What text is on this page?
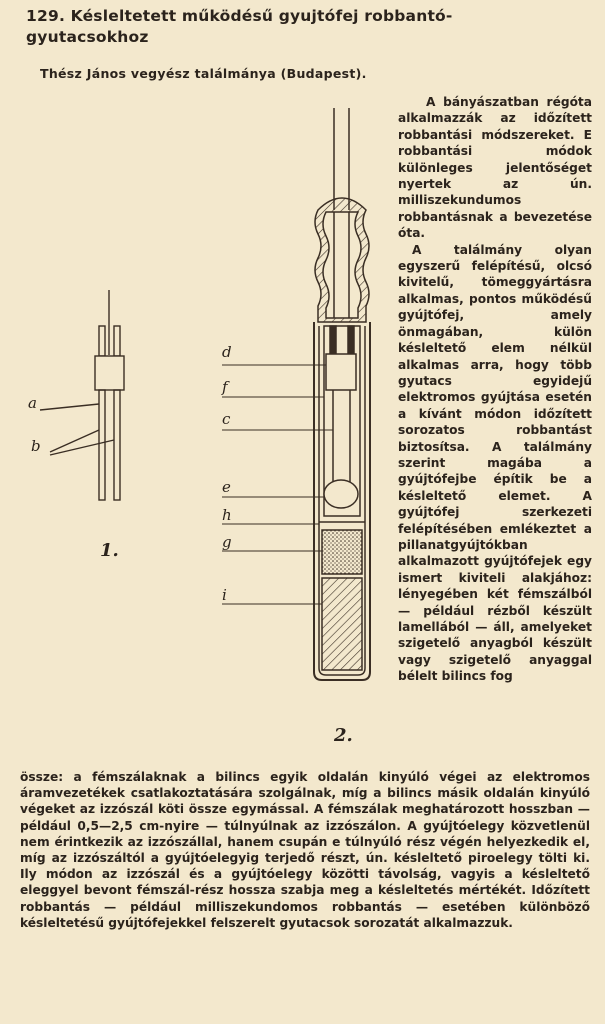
129. Késleltetett működésű gyujtófej robbantó-gyutacsokhoz
Thész János vegyész találmánya (Budapest).
a
b
1.
d
f
c
e
h
g
i
2.

A bányászatban régóta alkalmazzák az időzített robbantási módszereket. E robbantási módok különleges jelentőséget nyertek az ún. milliszekundumos robbantásnak a bevezetése óta.

A találmány olyan egyszerű felépítésű, olcsó kivitelű, tömeggyártásra alkalmas, pontos működésű gyújtófej, amely önmagában, külön késleltető elem nélkül alkalmas arra, hogy több gyutacs egyidejű elektromos gyújtása esetén a kívánt módon időzített sorozatos robbantást biztosítsa. A találmány szerint magába a gyújtófejbe építik be a késleltető elemet. A gyújtófej szerkezeti felépítésében emlékeztet a pillanatgyújtókban alkalmazott gyújtófejek egy ismert kiviteli alakjához: lényegében két fémszálból — például rézből készült lamellából — áll, amelyeket szigetelő anyagból készült vagy szigetelő anyaggal bélelt bilincs fog

össze: a fémszálaknak a bilincs egyik oldalán kinyúló végei az elektromos áramvezetékek csatlakoztatására szolgálnak, míg a bilincs másik oldalán kinyúló végeket az izzószál köti össze egymással. A fémszálak meghatározott hosszban — például 0,5—2,5 cm-nyire — túlnyúlnak az izzószálon. A gyújtóelegy közvetlenül nem érintkezik az izzószállal, hanem csupán e túlnyúló rész végén helyezkedik el, míg az izzószáltól a gyújtóelegyig terjedő részt, ún. késleltető piroelegy tölti ki. Ily módon az izzószál és a gyújtóelegy közötti távolság, vagyis a késleltető eleggyel bevont fémszál-rész hossza szabja meg a késleltetés mértékét. Időzített robbantás — például milliszekundomos robbantás — esetében különböző késleltetésű gyújtófejekkel felszerelt gyutacsok sorozatát alkalmazzuk.
